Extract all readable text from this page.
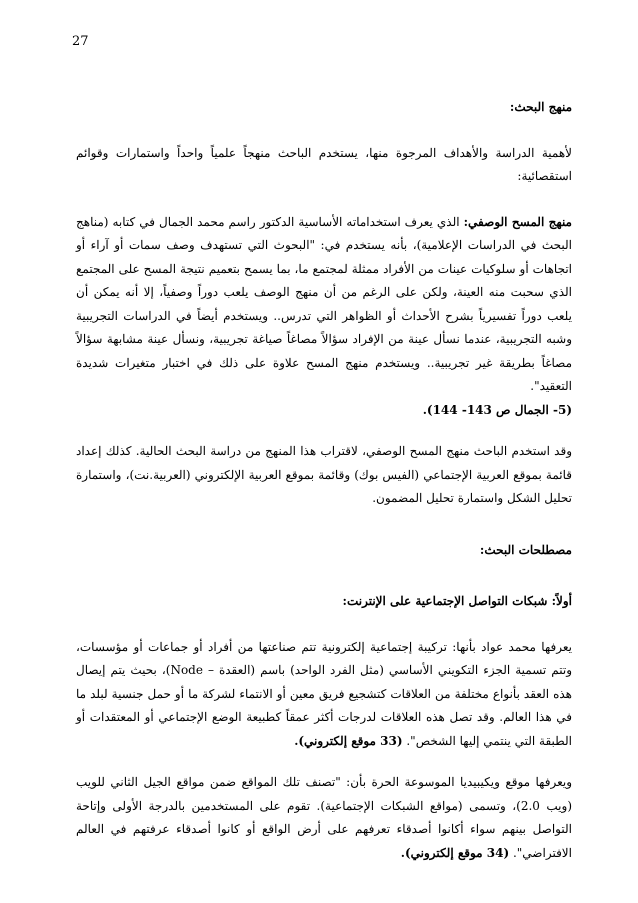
27

منهج البحث:

لأهمية الدراسة والأهداف المرجوة منها، يستخدم الباحث منهجاً علمياً واحداً واستمارات وقوائم استقصائية:

منهج المسح الوصفي: الذي يعرف استخداماته الأساسية الدكتور راسم محمد الجمال في كتابه (مناهج البحث في الدراسات الإعلامية)، بأنه يستخدم في: "البحوث التي تستهدف وصف سمات أو آراء أو اتجاهات أو سلوكيات عينات من الأفراد ممثلة لمجتمع ما، بما يسمح بتعميم نتيجة المسح على المجتمع الذي سحبت منه العينة، ولكن على الرغم من أن منهج الوصف يلعب دوراً وصفياً، إلا أنه يمكن أن يلعب دوراً تفسيرياً بشرح الأحداث أو الظواهر التي تدرس.. ويستخدم أيضاً في الدراسات التجريبية وشبه التجريبية، عندما نسأل عينة من الإفراد سؤالاً مصاغاً صياغة تجريبية، ونسأل عينة مشابهة سؤالاً مصاغاً بطريقة غير تجريبية.. ويستخدم منهج المسح علاوة على ذلك في اختبار متغيرات شديدة التعقيد".
(5- الجمال ص 143- 144).

وقد استخدم الباحث منهج المسح الوصفي، لاقتراب هذا المنهج من دراسة البحث الحالية. كذلك إعداد قائمة بموقع العربية الإجتماعي (الفيس بوك) وقائمة بموقع العربية الإلكتروني (العربية.نت)، واستمارة تحليل الشكل واستمارة تحليل المضمون.

مصطلحات البحث:

أولاً: شبكات التواصل الإجتماعية على الإنترنت:

يعرفها محمد عواد بأنها: تركيبة إجتماعية إلكترونية تتم صناعتها من أفراد أو جماعات أو مؤسسات، وتتم تسمية الجزء التكويني الأساسي (مثل الفرد الواحد) باسم (العقدة – Node)، بحيث يتم إيصال هذه العقد بأنواع مختلفة من العلاقات كتشجيع فريق معين أو الانتماء لشركة ما أو حمل جنسية لبلد ما في هذا العالم. وقد تصل هذه العلاقات لدرجات أكثر عمقاً كطبيعة الوضع الإجتماعي أو المعتقدات أو الطبقة التي ينتمي إليها الشخص". (33 موقع إلكتروني).

ويعرفها موقع ويكيبيديا الموسوعة الحرة بأن: "تصنف تلك المواقع ضمن مواقع الجيل الثاني للويب (ويب 2.0)، وتسمى (مواقع الشبكات الإجتماعية). تقوم على المستخدمين بالدرجة الأولى وإتاحة التواصل بينهم سواء أكانوا أصدقاء تعرفهم على أرض الواقع أو كانوا أصدقاء عرفتهم في العالم الافتراضي". (34 موقع إلكتروني).
